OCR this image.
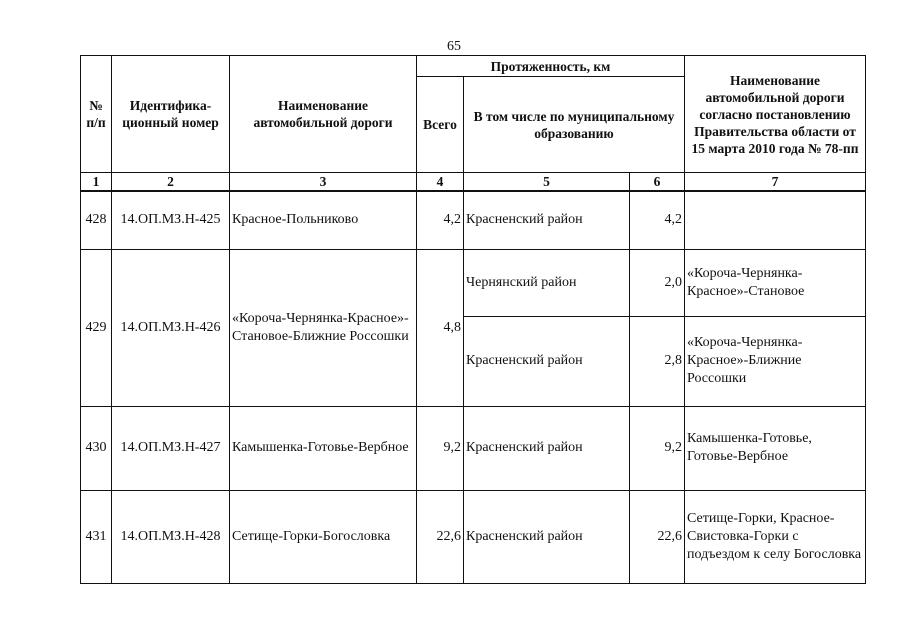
65
№ п/п	Идентифика-ционный номер	Наименование автомобильной дороги	Протяженность, км			Наименование автомобильной дороги согласно постановлению Правительства области от 15 марта 2010 года № 78-пп
			Всего	В том числе по муниципальному образованию		
1	2	3	4	5	6	7
428	14.ОП.МЗ.Н-425	Красное-Польниково	4,2	Красненский район	4,2	
429	14.ОП.МЗ.Н-426	«Короча-Чернянка-Красное»-Становое-Ближние Россошки	4,8	Чернянский район	2,0	«Короча-Чернянка-Красное»-Становое
				Красненский район	2,8	«Короча-Чернянка-Красное»-Ближние Россошки
430	14.ОП.МЗ.Н-427	Камышенка-Готовье-Вербное	9,2	Красненский район	9,2	Камышенка-Готовье, Готовье-Вербное
431	14.ОП.МЗ.Н-428	Сетище-Горки-Богословка	22,6	Красненский район	22,6	Сетище-Горки, Красное-Свистовка-Горки с подъездом к селу Богословка
